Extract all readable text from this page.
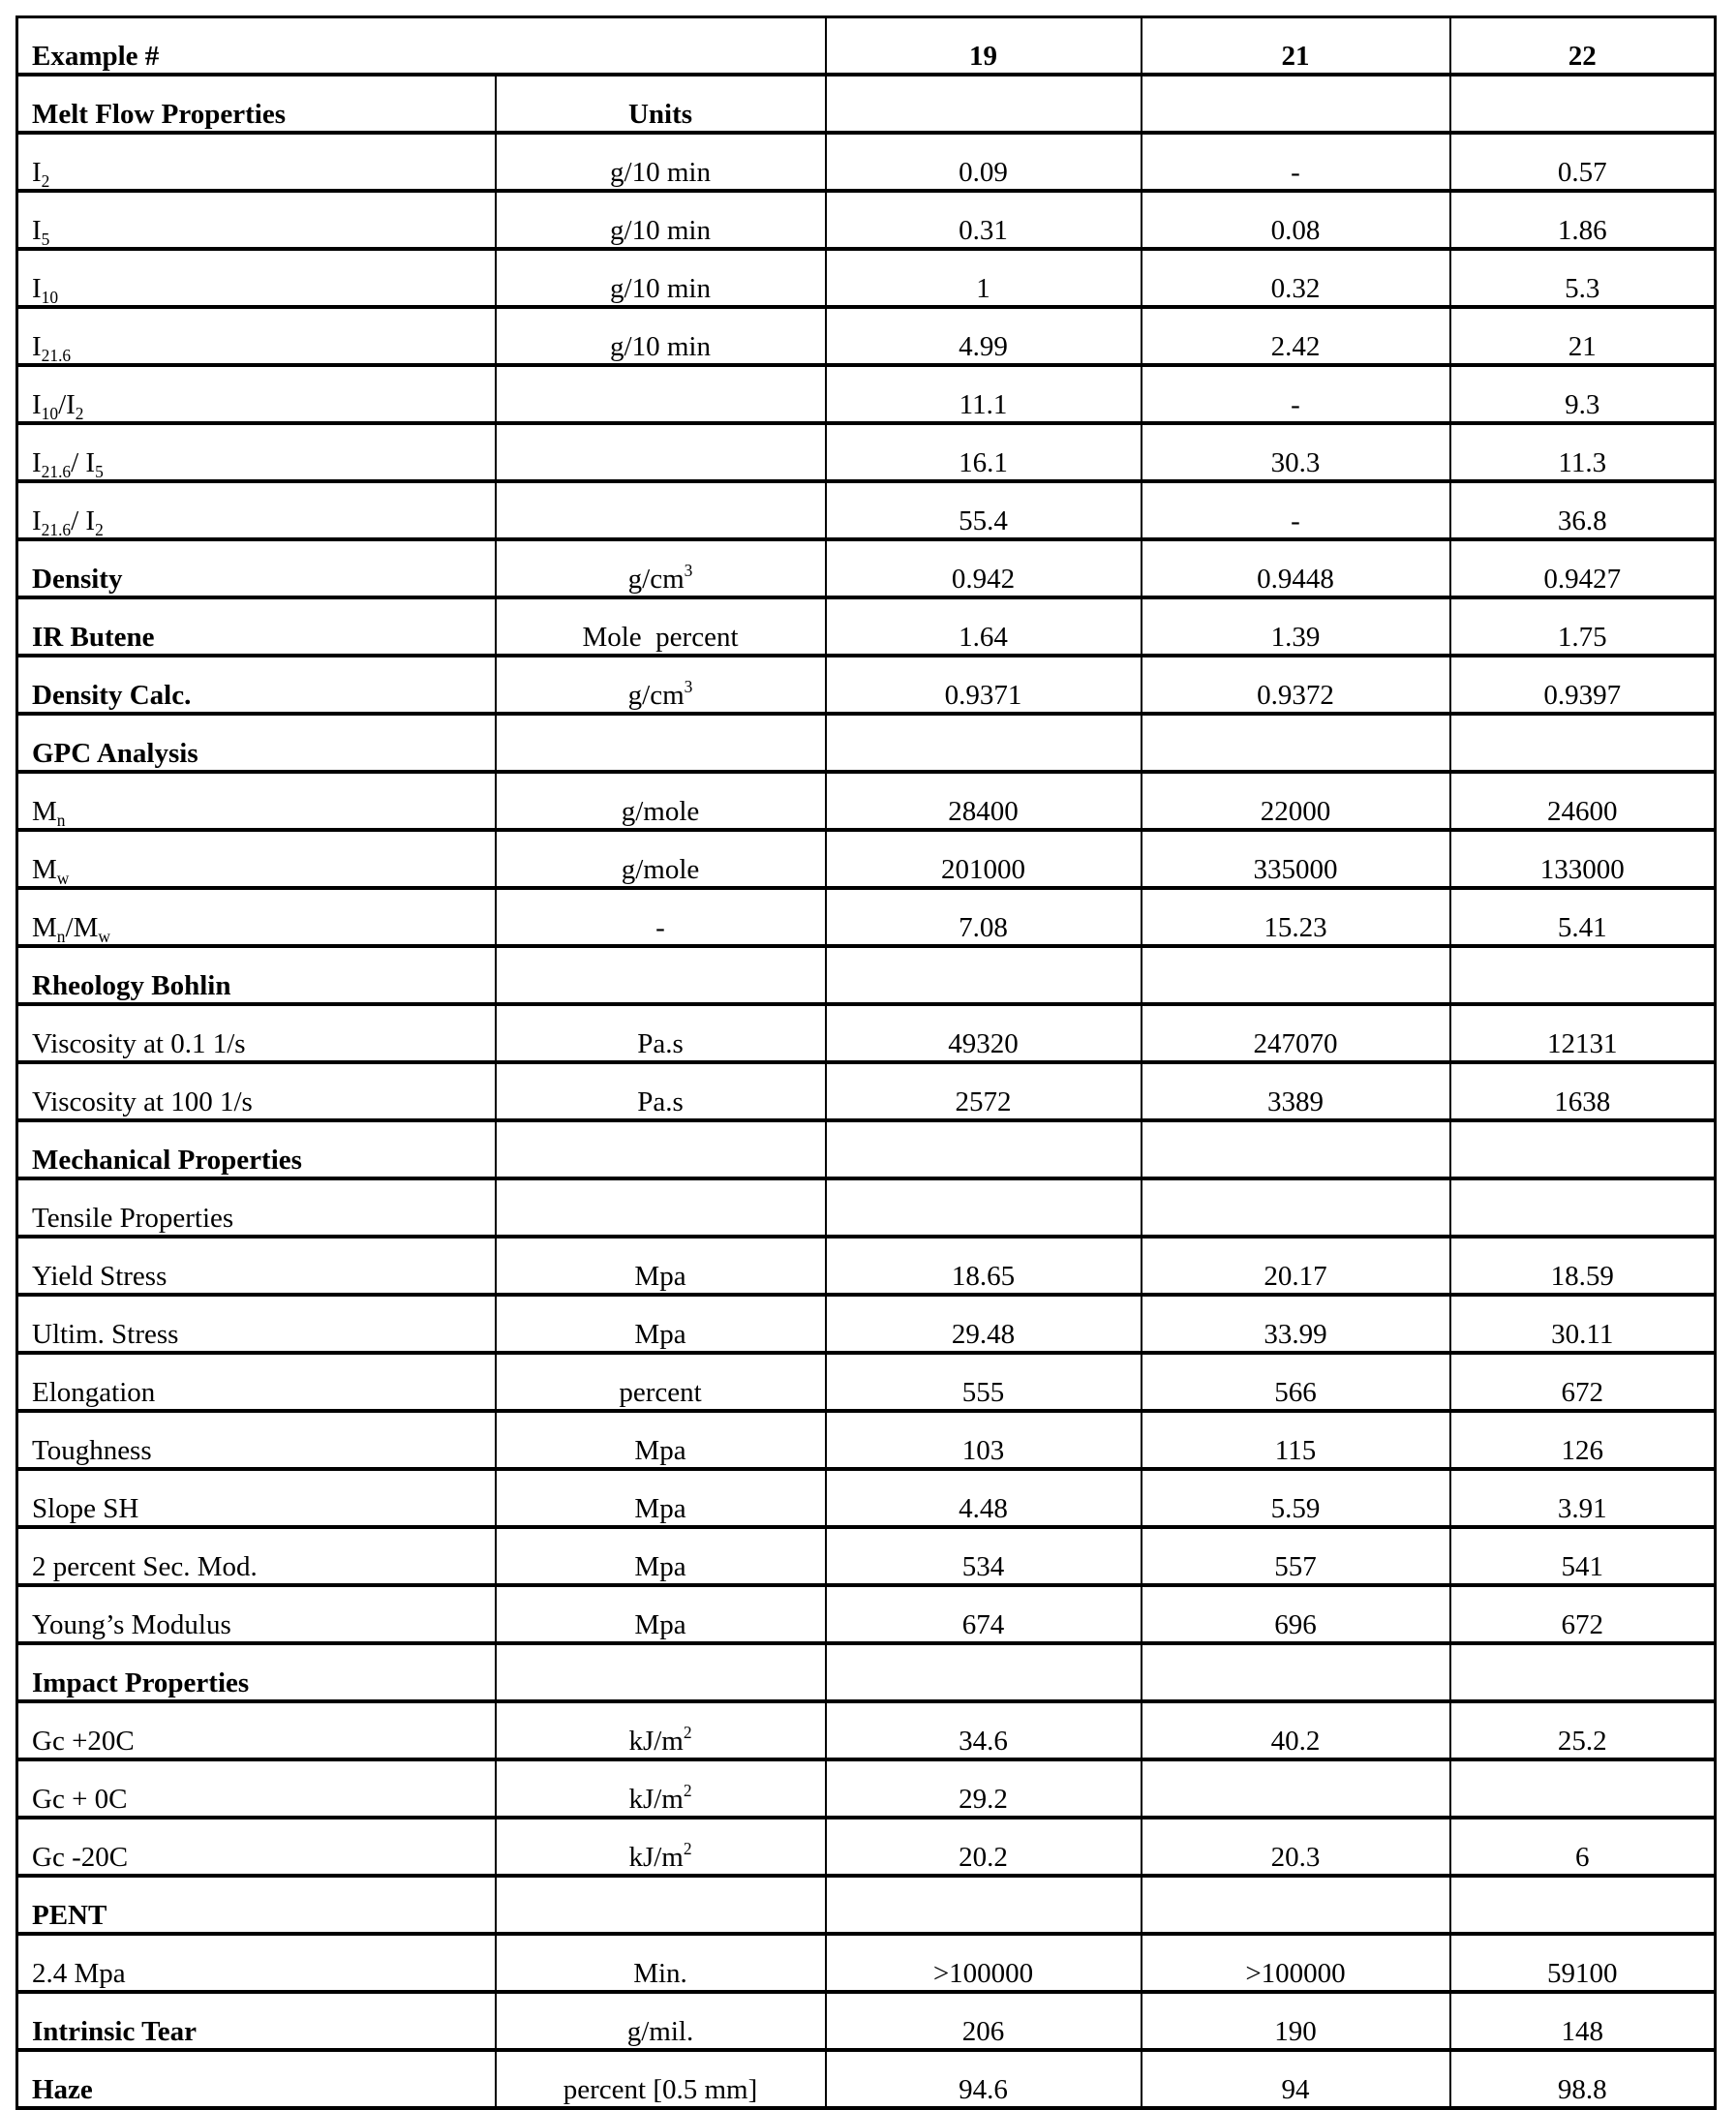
Example #		19	21	22
Melt Flow Properties	Units			
$I_2$	g/10 min	0.09	-	0.57
$I_5$	g/10 min	0.31	0.08	1.86
$I_{10}$	g/10 min	1	0.32	5.3
$I_{21.6}$	g/10 min	4.99	2.42	21
$I_{10}/I_2$		11.1	-	9.3
$I_{21.6}/$ $I_5$		16.1	30.3	11.3
$I_{21.6}/$ $I_2$		55.4	-	36.8
Density	$g/cm^3$	0.942	0.9448	0.9427
IR Butene	Mole  percent	1.64	1.39	1.75
Density Calc.	$g/cm^3$	0.9371	0.9372	0.9397
GPC Analysis				
$M_n$	g/mole	28400	22000	24600
$M_w$	g/mole	201000	335000	133000
$M_n/M_w$	-	7.08	15.23	5.41
Rheology Bohlin				
Viscosity at 0.1 1/s	Pa.s	49320	247070	12131
Viscosity at 100 1/s	Pa.s	2572	3389	1638
Mechanical Properties				
Tensile Properties				
Yield Stress	Mpa	18.65	20.17	18.59
Ultim. Stress	Mpa	29.48	33.99	30.11
Elongation	percent	555	566	672
Toughness	Mpa	103	115	126
Slope SH	Mpa	4.48	5.59	3.91
2 percent Sec. Mod.	Mpa	534	557	541
Young’s Modulus	Mpa	674	696	672
Impact Properties				
Gc +20C	$kJ/m^2$	34.6	40.2	25.2
Gc + 0C	$kJ/m^2$	29.2		
Gc -20C	$kJ/m^2$	20.2	20.3	6
PENT				
2.4 Mpa	Min.	>100000	>100000	59100
Intrinsic Tear	g/mil.	206	190	148
Haze	percent [0.5 mm]	94.6	94	98.8
